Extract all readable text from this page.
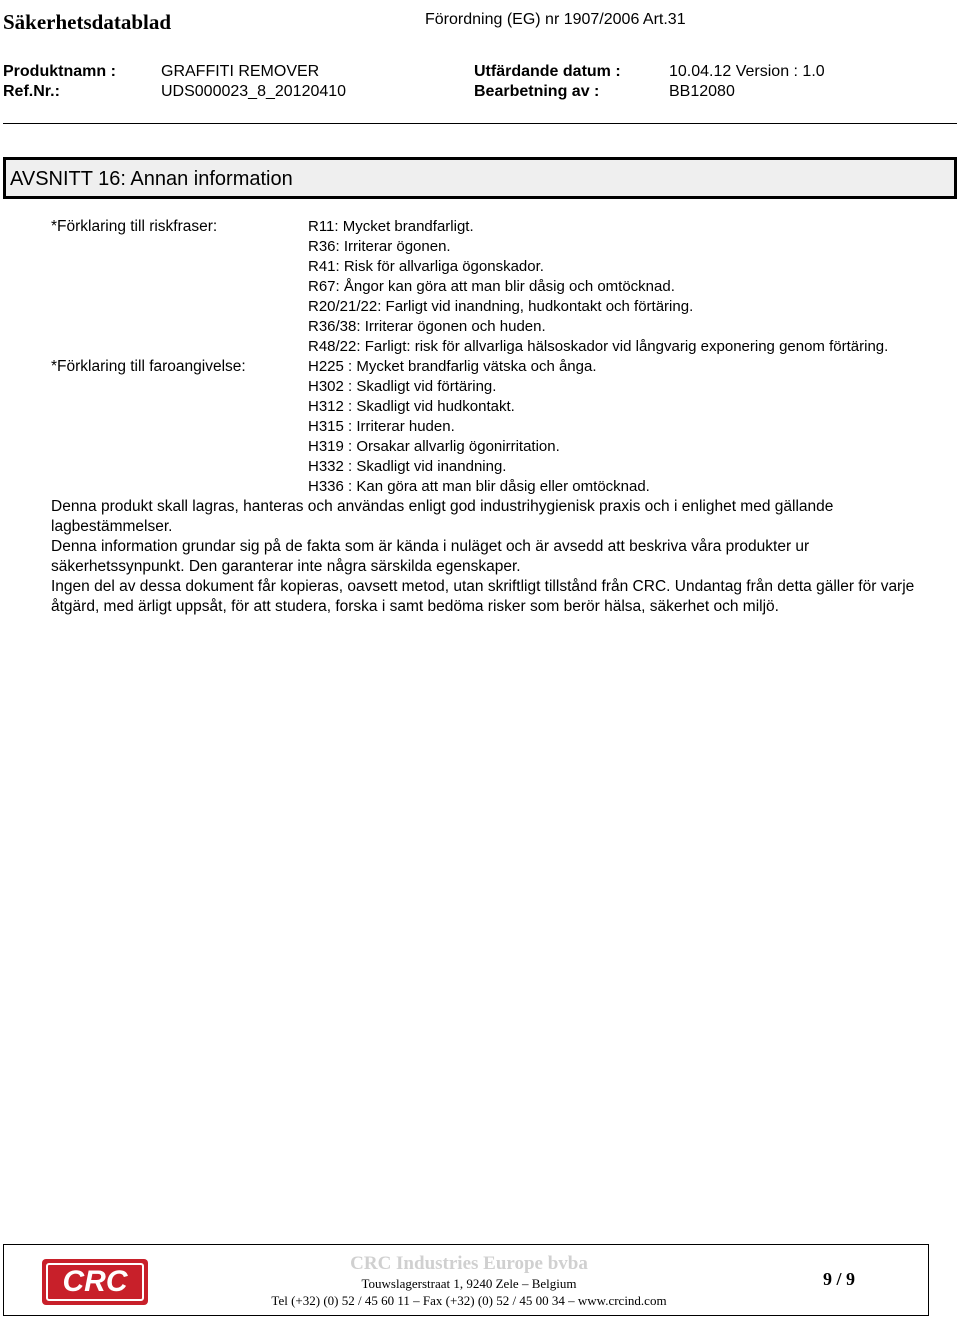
Säkerhetsdatablad	Förordning (EG) nr 1907/2006 Art.31
Produktnamn :	GRAFFITI REMOVER	Utfärdande datum :	10.04.12 Version : 1.0
Ref.Nr.:	UDS000023_8_20120410	Bearbetning av :	BB12080
AVSNITT 16: Annan information
*Förklaring till riskfraser:	R11: Mycket brandfarligt.
R36: Irriterar ögonen.
R41: Risk för allvarliga ögonskador.
R67: Ångor kan göra att man blir dåsig och omtöcknad.
R20/21/22: Farligt vid inandning, hudkontakt och förtäring.
R36/38: Irriterar ögonen och huden.
R48/22: Farligt: risk för allvarliga hälsoskador vid långvarig exponering genom förtäring.
*Förklaring till faroangivelse:	H225 : Mycket brandfarlig vätska och ånga.
H302 : Skadligt vid förtäring.
H312 : Skadligt vid hudkontakt.
H315 : Irriterar huden.
H319 : Orsakar allvarlig ögonirritation.
H332 : Skadligt vid inandning.
H336 : Kan göra att man blir dåsig eller omtöcknad.

Denna produkt skall lagras, hanteras och användas enligt god industrihygienisk praxis och i enlighet med gällande lagbestämmelser.

Denna information grundar sig på de fakta som är kända i nuläget och är avsedd att beskriva våra produkter ur säkerhetssynpunkt. Den garanterar inte några särskilda egenskaper.

Ingen del av dessa dokument får kopieras, oavsett metod, utan skriftligt tillstånd från CRC. Undantag från detta gäller för varje åtgärd, med ärligt uppsåt, för att studera, forska i samt bedöma risker som berör hälsa, säkerhet och miljö.

CRC
CRC Industries Europe bvba
Touwslagerstraat 1, 9240 Zele – Belgium
Tel (+32) (0) 52 / 45 60 11 – Fax (+32) (0) 52 / 45 00 34 – www.crcind.com
9 / 9
